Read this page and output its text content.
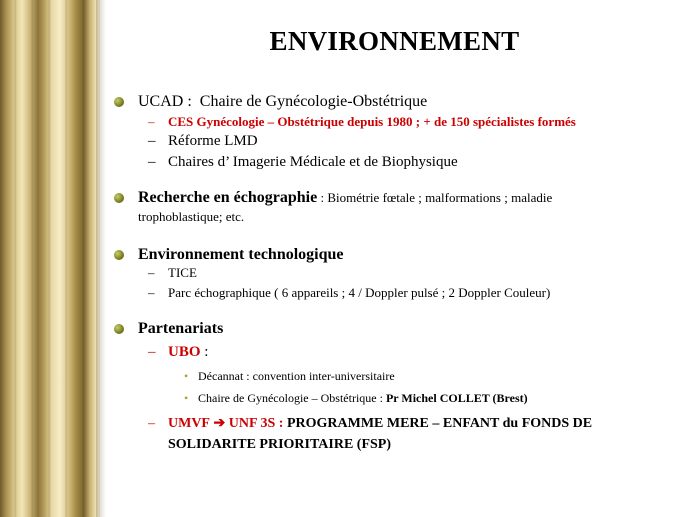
ENVIRONNEMENT
UCAD : Chaire de Gynécologie-Obstétrique
– CES Gynécologie – Obstétrique depuis 1980 ; + de 150 spécialistes formés
– Réforme LMD
– Chaires d’ Imagerie Médicale et de Biophysique
Recherche en échographie : Biométrie fœtale ; malformations ; maladie
trophoblastique; etc.
Environnement technologique
– TICE
– Parc échographique ( 6 appareils ; 4 / Doppler pulsé ; 2 Doppler Couleur)
Partenariats
– UBO :
• Décannat : convention inter-universitaire
• Chaire de Gynécologie – Obstétrique : Pr Michel COLLET (Brest)
– UMVF ➔ UNF 3S : PROGRAMME MERE – ENFANT du FONDS DE
SOLIDARITE PRIORITAIRE (FSP)
